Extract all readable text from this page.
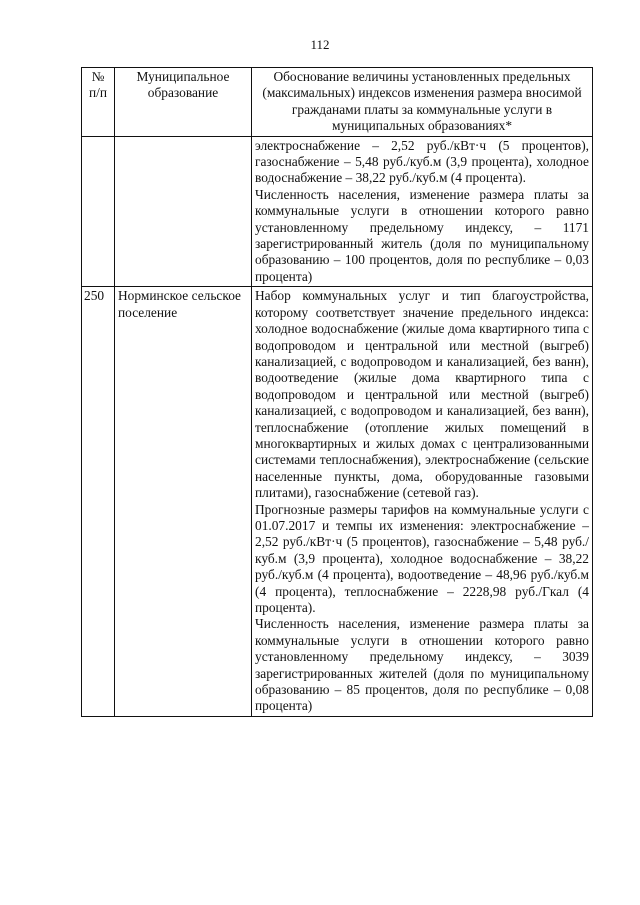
112
№ п/п	Муниципальное образование	Обоснование величины установленных предельных (максимальных) индексов изменения размера вносимой гражданами платы за коммунальные услуги в муниципальных образованиях*

		электроснабжение – 2,52 руб./кВт·ч (5 процентов), газоснабжение – 5,48 руб./куб.м (3,9 процента), холодное водоснабжение – 38,22 руб./куб.м (4 процента).

Численность населения, изменение размера платы за коммунальные услуги в отношении которого равно установленному предельному индексу, – 1171 зарегистрированный житель (доля по муниципальному образованию – 100 процентов, доля по республике – 0,03 процента)

250	Норминское сельское поселение	Набор коммунальных услуг и тип благоустройства, которому соответствует значение предельного индекса: холодное водоснабжение (жилые дома квартирного типа с водопроводом и центральной или местной (выгреб) канализацией, с водопроводом и канализацией, без ванн), водоотведение (жилые дома квартирного типа с водопроводом и центральной или местной (выгреб) канализацией, с водопроводом и канализацией, без ванн), теплоснабжение (отопление жилых помещений в многоквартирных и жилых домах с централизованными системами теплоснабжения), электроснабжение (сельские населенные пункты, дома, оборудованные газовыми плитами), газоснабжение (сетевой газ).

Прогнозные размеры тарифов на коммунальные услуги с 01.07.2017 и темпы их изменения: электроснабжение – 2,52 руб./кВт·ч (5 процентов), газоснабжение – 5,48 руб./куб.м (3,9 процента), холодное водоснабжение – 38,22 руб./куб.м (4 процента), водоотведение – 48,96 руб./куб.м (4 процента), теплоснабжение – 2228,98 руб./Гкал (4 процента).

Численность населения, изменение размера платы за коммунальные услуги в отношении которого равно установленному предельному индексу, – 3039 зарегистрированных жителей (доля по муниципальному образованию – 85 процентов, доля по республике – 0,08 процента)
